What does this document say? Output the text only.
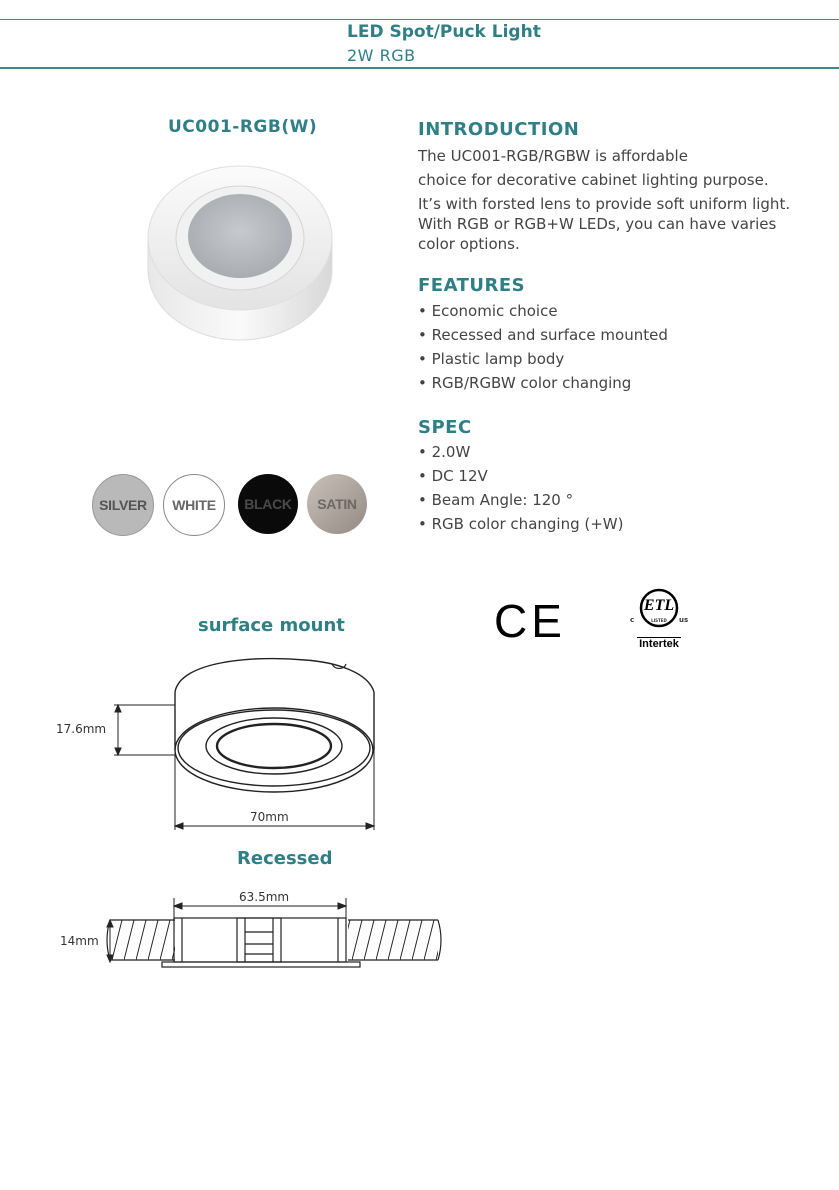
LED Spot/Puck Light
2W RGB
UC001-RGB(W)
SILVER WHITE BLACK SATIN
INTRODUCTION

The UC001-RGB/RGBW is affordable

choice for decorative cabinet lighting purpose.

It’s with forsted lens to provide soft uniform light.

With RGB or RGB+W LEDs, you can have varies

color options.

FEATURES
• Economic choice
• Recessed and surface mounted
• Plastic lamp body
• RGB/RGBW color changing
SPEC
• 2.0W
• DC 12V
• Beam Angle: 120 °
• RGB color changing (+W)
CE	ETL
c	us
LISTED
Intertek
surface mount
17.6mm
70mm
Recessed
63.5mm
14mm
